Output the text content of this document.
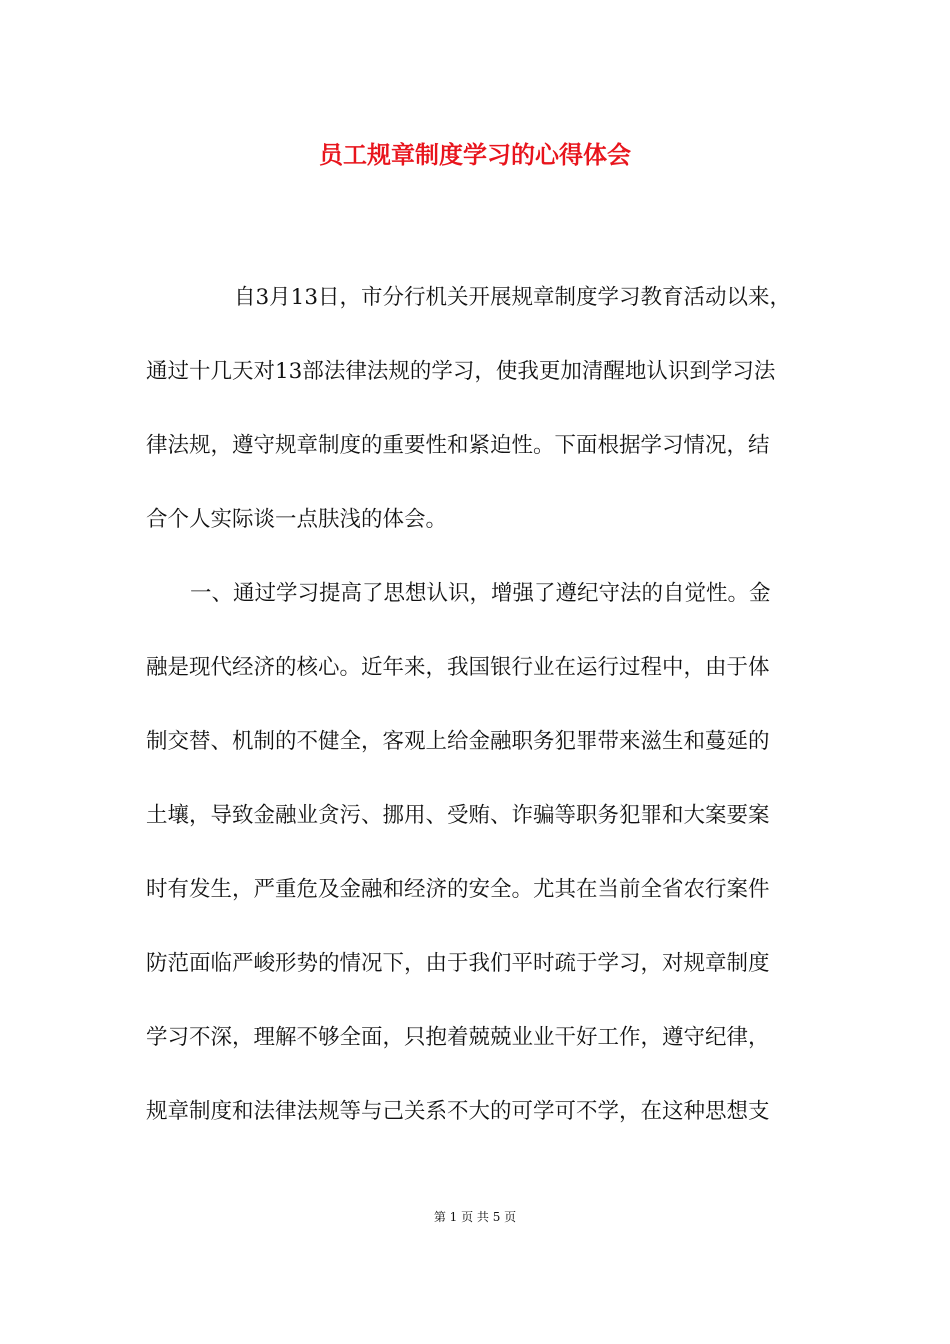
员工规章制度学习的心得体会

自3月13日，市分行机关开展规章制度学习教育活动以来，

通过十几天对13部法律法规的学习，使我更加清醒地认识到学习法

律法规，遵守规章制度的重要性和紧迫性。下面根据学习情况，结

合个人实际谈一点肤浅的体会。

一、通过学习提高了思想认识，增强了遵纪守法的自觉性。金

融是现代经济的核心。近年来，我国银行业在运行过程中，由于体

制交替、机制的不健全，客观上给金融职务犯罪带来滋生和蔓延的

土壤，导致金融业贪污、挪用、受贿、诈骗等职务犯罪和大案要案

时有发生，严重危及金融和经济的安全。尤其在当前全省农行案件

防范面临严峻形势的情况下，由于我们平时疏于学习，对规章制度

学习不深，理解不够全面，只抱着兢兢业业干好工作，遵守纪律，

规章制度和法律法规等与己关系不大的可学可不学，在这种思想支

第 1 页 共 5 页
